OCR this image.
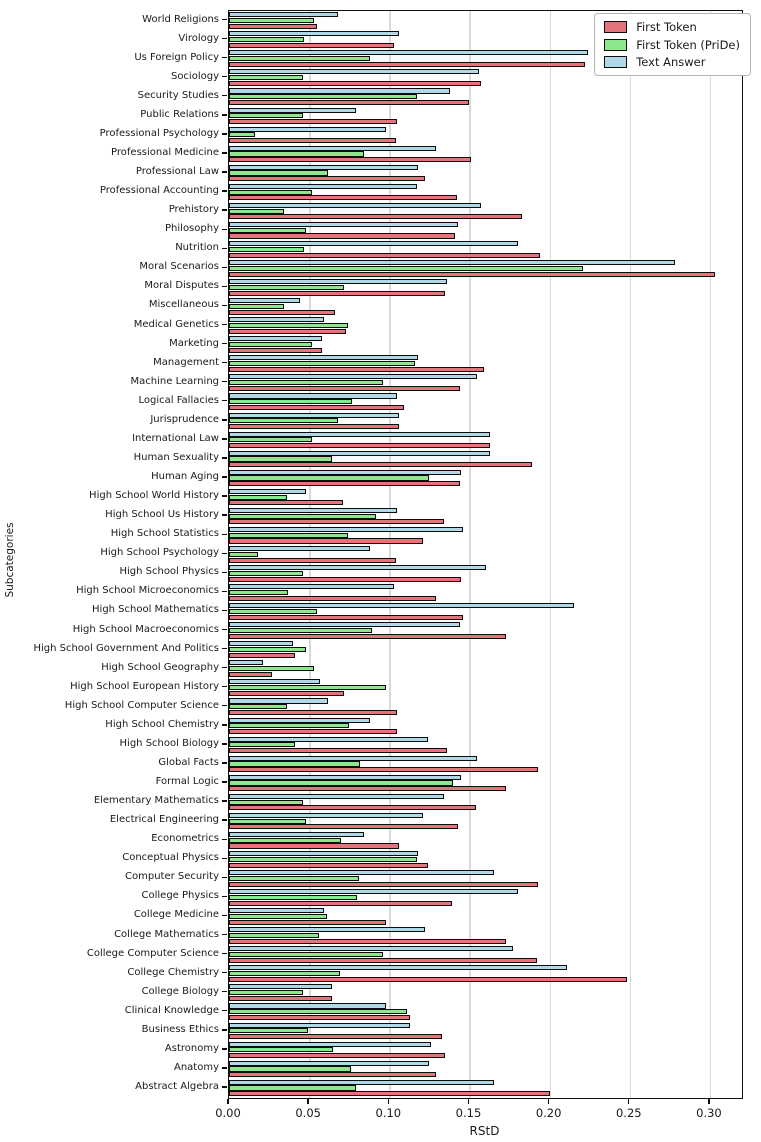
Subcategories
World Religions
Virology
Us Foreign Policy
Sociology
Security Studies
Public Relations
Professional Psychology
Professional Medicine
Professional Law
Professional Accounting
Prehistory
Philosophy
Nutrition
Moral Scenarios
Moral Disputes
Miscellaneous
Medical Genetics
Marketing
Management
Machine Learning
Logical Fallacies
Jurisprudence
International Law
Human Sexuality
Human Aging
High School World History
High School Us History
High School Statistics
High School Psychology
High School Physics
High School Microeconomics
High School Mathematics
High School Macroeconomics
High School Government And Politics
High School Geography
High School European History
High School Computer Science
High School Chemistry
High School Biology
Global Facts
Formal Logic
Elementary Mathematics
Electrical Engineering
Econometrics
Conceptual Physics
Computer Security
College Physics
College Medicine
College Mathematics
College Computer Science
College Chemistry
College Biology
Clinical Knowledge
Business Ethics
Astronomy
Anatomy
Abstract Algebra
0.00	0.05	0.10	0.15	0.20	0.25	0.30
RStD
First Token
First Token (PriDe)
Text Answer
